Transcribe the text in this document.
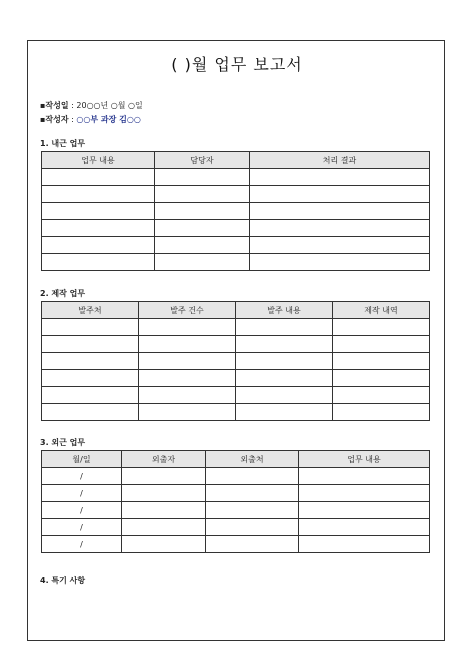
( )월 업무 보고서
▪작성일 : 20○○년 ○월 ○일
▪작성자 : ○○부 과장 김○○
1. 내근 업무
업무 내용	담당자	처리 결과

2. 제작 업무
발주처	발주 건수	발주 내용	제작 내역

3. 외근 업무
월/일	외출자	외출처	업무 내용
/			
/			
/			
/			
/			
4. 특기 사항
